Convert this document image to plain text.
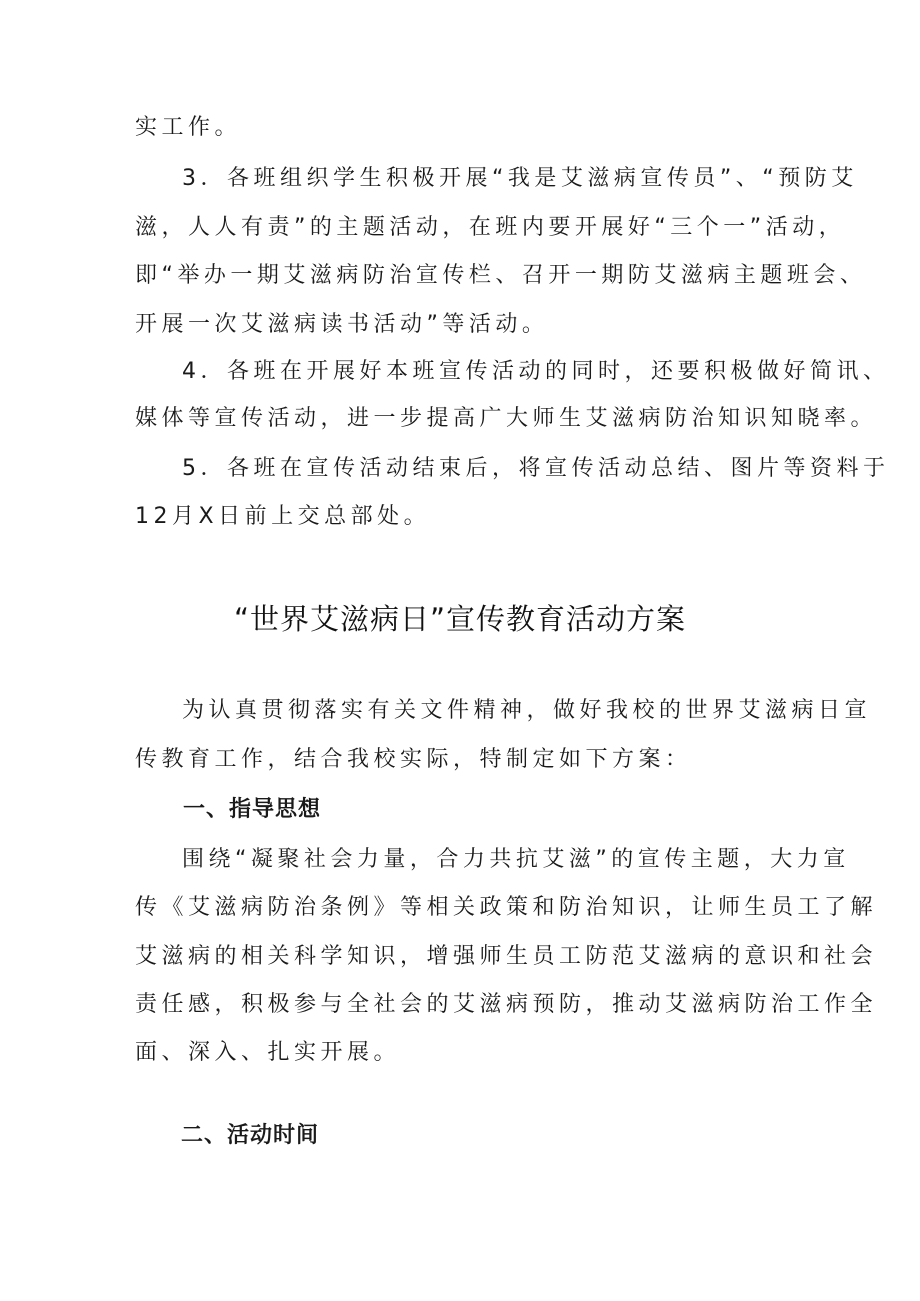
实工作。
3．各班组织学生积极开展“我是艾滋病宣传员”、“预防艾
滋，人人有责”的主题活动，在班内要开展好“三个一”活动，
即“举办一期艾滋病防治宣传栏、召开一期防艾滋病主题班会、
开展一次艾滋病读书活动”等活动。
4．各班在开展好本班宣传活动的同时，还要积极做好简讯、
媒体等宣传活动，进一步提高广大师生艾滋病防治知识知晓率。
5．各班在宣传活动结束后，将宣传活动总结、图片等资料于
12月X日前上交总部处。
“世界艾滋病日”宣传教育活动方案
为认真贯彻落实有关文件精神，做好我校的世界艾滋病日宣
传教育工作，结合我校实际，特制定如下方案：
一、指导思想
围绕“凝聚社会力量，合力共抗艾滋”的宣传主题，大力宣
传《艾滋病防治条例》等相关政策和防治知识，让师生员工了解
艾滋病的相关科学知识，增强师生员工防范艾滋病的意识和社会
责任感，积极参与全社会的艾滋病预防，推动艾滋病防治工作全
面、深入、扎实开展。
二、活动时间
